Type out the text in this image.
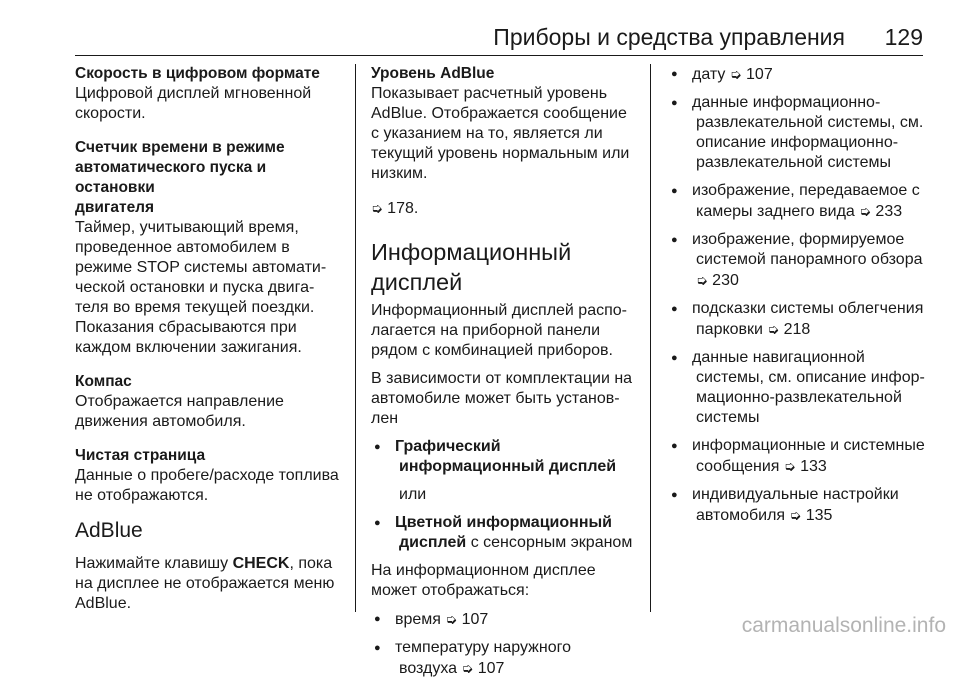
Приборы и средства управления 129

Скорость в цифровом формате

Цифровой дисплей мгновенной

скорости.

Счетчик времени в режиме

автоматического пуска и остановки

двигателя

Таймер, учитывающий время,

проведенное автомобилем в

режиме STOP системы автомати-

ческой остановки и пуска двига-

теля во время текущей поездки.

Показания сбрасываются при

каждом включении зажигания.

Компас

Отображается направление

движения автомобиля.

Чистая страница

Данные о пробеге/расходе топлива

не отображаются.

AdBlue

Нажимайте клавишу CHECK, пока

на дисплее не отображается меню

AdBlue.

Уровень AdBlue

Показывает расчетный уровень

AdBlue. Отображается сообщение

с указанием на то, является ли

текущий уровень нормальным или

низким.

➭ 178.

Информационный

дисплей

Информационный дисплей распо-

лагается на приборной панели

рядом с комбинацией приборов.

В зависимости от комплектации на

автомобиле может быть установ-

лен

● Графический

информационный дисплей

или

● Цветной информационный

дисплей с сенсорным экраном

На информационном дисплее

может отображаться:

● время ➭ 107

● температуру наружного

воздуха ➭ 107

● дату ➭ 107

● данные информационно-

развлекательной системы, см.

описание информационно-

развлекательной системы

● изображение, передаваемое с

камеры заднего вида ➭ 233

● изображение, формируемое

системой панорамного обзора

➭ 230

● подсказки системы облегчения

парковки ➭ 218

● данные навигационной

системы, см. описание инфор-

мационно-развлекательной

системы

● информационные и системные

сообщения ➭ 133

● индивидуальные настройки

автомобиля ➭ 135

carmanualsonline.info
